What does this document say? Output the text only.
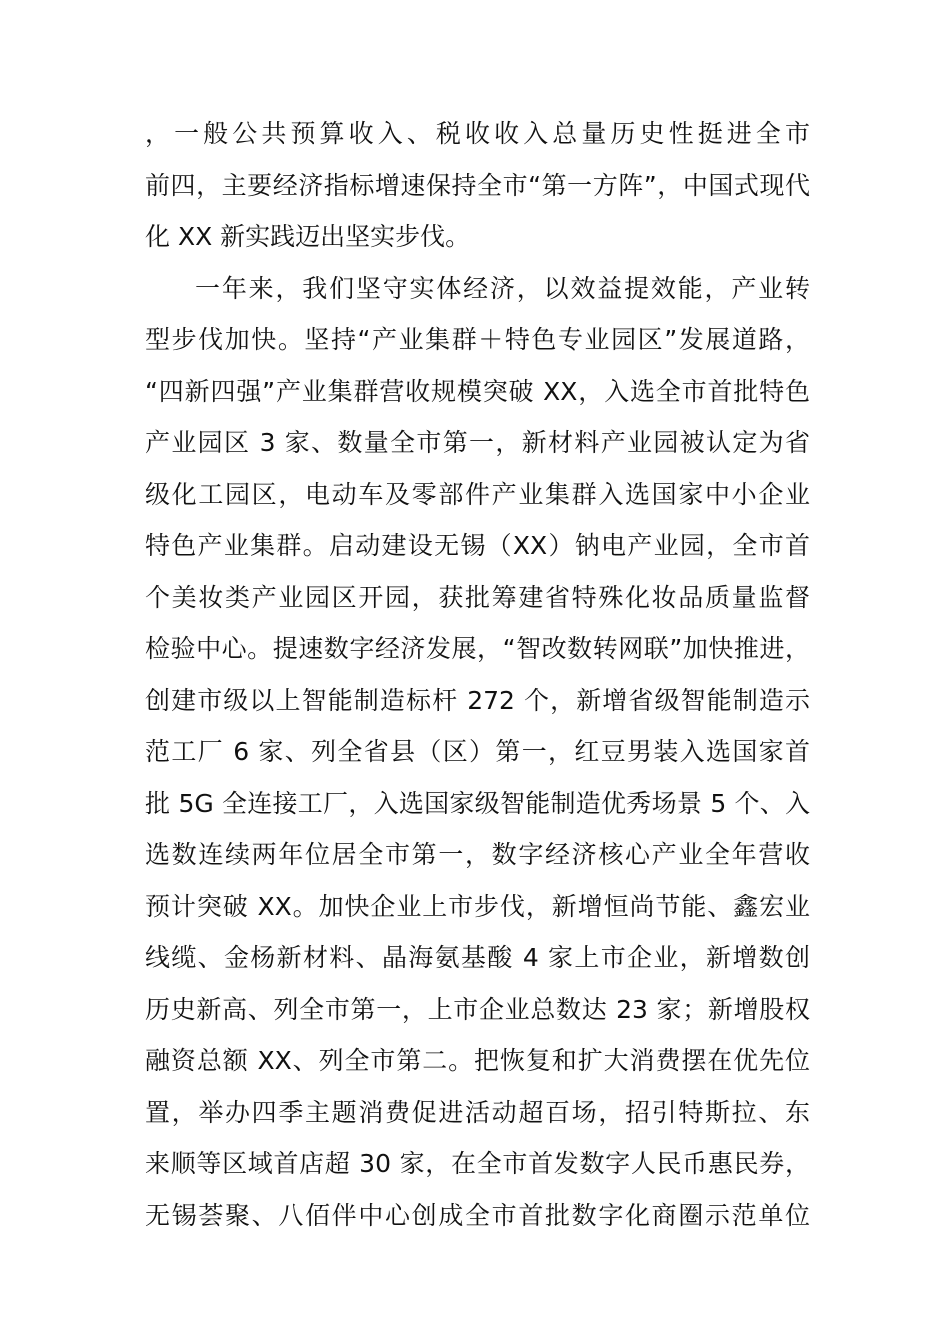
，一般公共预算收入、税收收入总量历史性挺进全市
前四，主要经济指标增速保持全市“第一方阵”，中国式现代
化 XX 新实践迈出坚实步伐。
一年来，我们坚守实体经济，以效益提效能，产业转
型步伐加快。坚持“产业集群＋特色专业园区”发展道路，
“四新四强”产业集群营收规模突破 XX，入选全市首批特色
产业园区 3 家、数量全市第一，新材料产业园被认定为省
级化工园区，电动车及零部件产业集群入选国家中小企业
特色产业集群。启动建设无锡（XX）钠电产业园，全市首
个美妆类产业园区开园，获批筹建省特殊化妆品质量监督
检验中心。提速数字经济发展，“智改数转网联”加快推进，
创建市级以上智能制造标杆 272 个，新增省级智能制造示
范工厂 6 家、列全省县（区）第一，红豆男装入选国家首
批 5G 全连接工厂，入选国家级智能制造优秀场景 5 个、入
选数连续两年位居全市第一，数字经济核心产业全年营收
预计突破 XX。加快企业上市步伐，新增恒尚节能、鑫宏业
线缆、金杨新材料、晶海氨基酸 4 家上市企业，新增数创
历史新高、列全市第一，上市企业总数达 23 家；新增股权
融资总额 XX、列全市第二。把恢复和扩大消费摆在优先位
置，举办四季主题消费促进活动超百场，招引特斯拉、东
来顺等区域首店超 30 家，在全市首发数字人民币惠民券，
无锡荟聚、八佰伴中心创成全市首批数字化商圈示范单位
